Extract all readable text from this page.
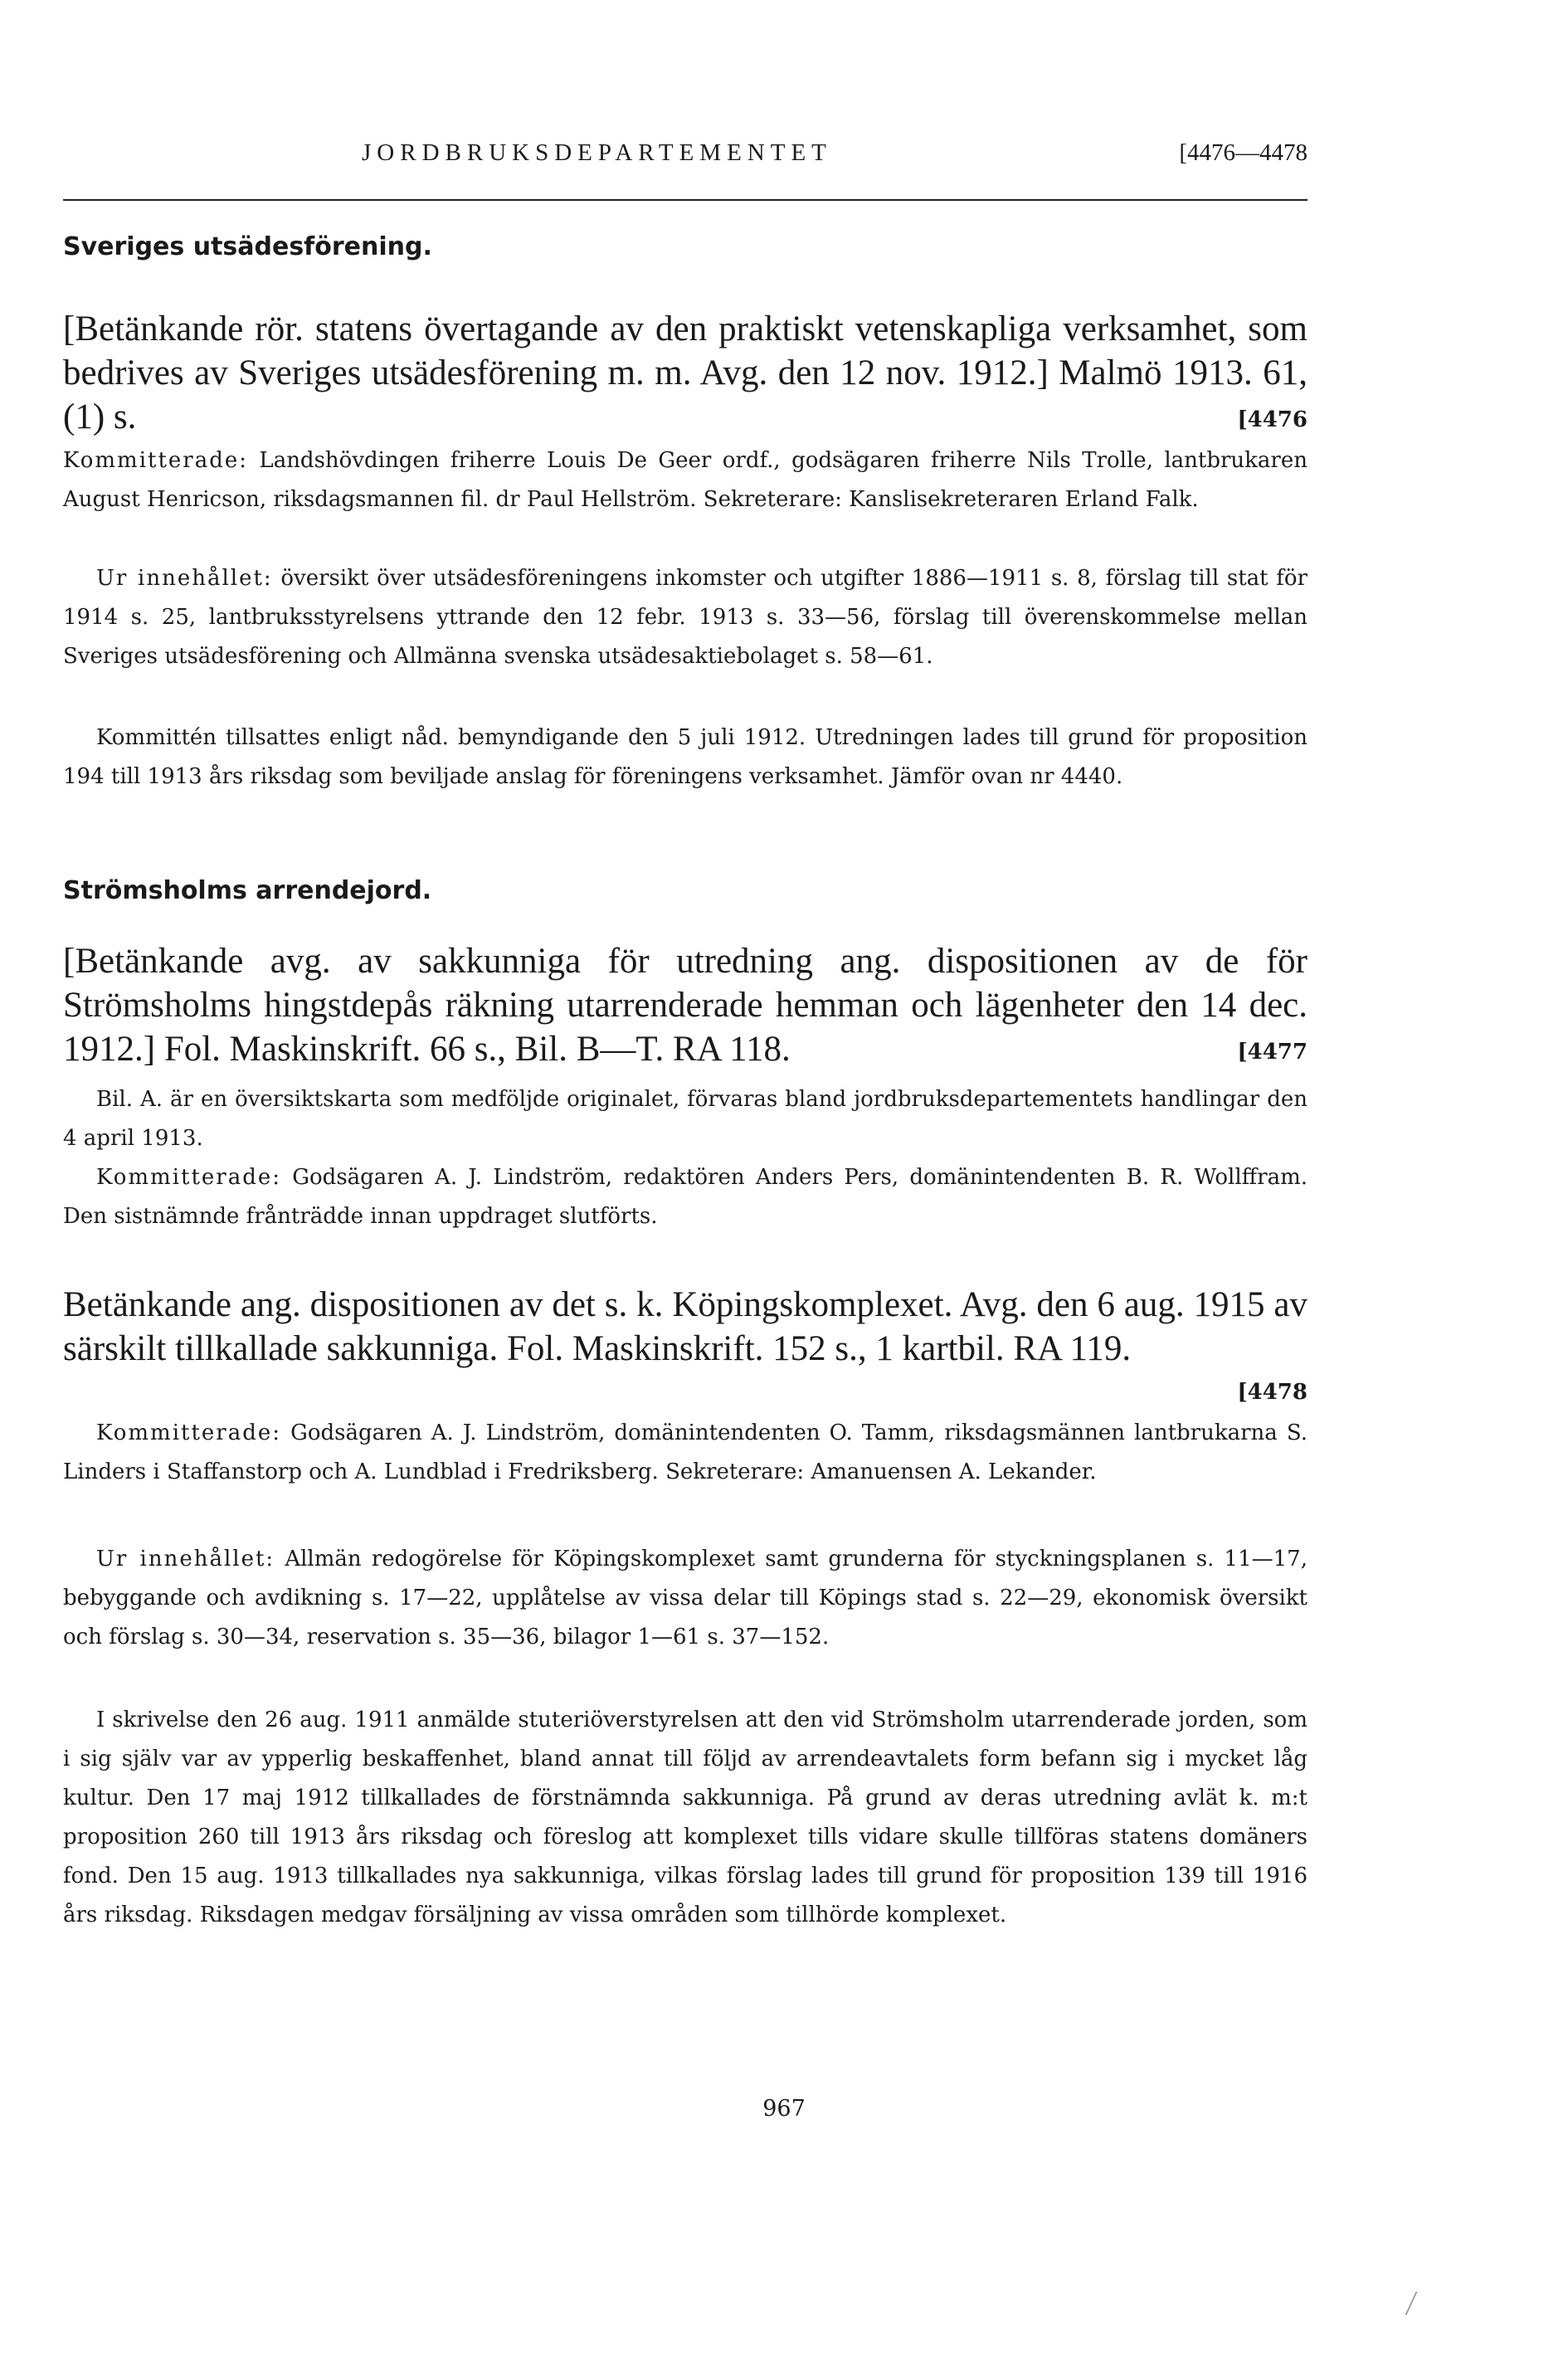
JORDBRUKSDEPARTEMENTET	[4476—4478
Sveriges utsädesförening.
[Betänkande rör. statens övertagande av den praktiskt vetenskapliga verksamhet, som bedrives av Sveriges utsädesförening m. m. Avg. den 12 nov. 1912.] Malmö 1913. 61, (1) s.	[4476
Kommitterade: Landshövdingen friherre Louis De Geer ordf., godsägaren friherre Nils Trolle, lantbrukaren August Henricson, riksdagsmannen fil. dr Paul Hellström. Sekreterare: Kanslisekreteraren Erland Falk.
Ur innehållet: översikt över utsädesföreningens inkomster och utgifter 1886—1911 s. 8, förslag till stat för 1914 s. 25, lantbruksstyrelsens yttrande den 12 febr. 1913 s. 33—56, förslag till överenskommelse mellan Sveriges utsädesförening och Allmänna svenska utsädesaktiebolaget s. 58—61.
Kommittén tillsattes enligt nåd. bemyndigande den 5 juli 1912. Utredningen lades till grund för proposition 194 till 1913 års riksdag som beviljade anslag för föreningens verksamhet. Jämför ovan nr 4440.
Strömsholms arrendejord.
[Betänkande avg. av sakkunniga för utredning ang. dispositionen av de för Strömsholms hingstdepås räkning utarrenderade hemman och lägenheter den 14 dec. 1912.] Fol. Maskinskrift. 66 s., Bil. B—T. RA 118.	[4477
Bil. A. är en översiktskarta som medföljde originalet, förvaras bland jordbruksdepartementets handlingar den 4 april 1913.
Kommitterade: Godsägaren A. J. Lindström, redaktören Anders Pers, domänintendenten B. R. Wollffram. Den sistnämnde frånträdde innan uppdraget slutförts.
Betänkande ang. dispositionen av det s. k. Köpingskomplexet. Avg. den 6 aug. 1915 av särskilt tillkallade sakkunniga. Fol. Maskinskrift. 152 s., 1 kartbil. RA 119.
[4478
Kommitterade: Godsägaren A. J. Lindström, domänintendenten O. Tamm, riksdagsmännen lantbrukarna S. Linders i Staffanstorp och A. Lundblad i Fredriksberg. Sekreterare: Amanuensen A. Lekander.
Ur innehållet: Allmän redogörelse för Köpingskomplexet samt grunderna för styckningsplanen s. 11—17, bebyggande och avdikning s. 17—22, upplåtelse av vissa delar till Köpings stad s. 22—29, ekonomisk översikt och förslag s. 30—34, reservation s. 35—36, bilagor 1—61 s. 37—152.
I skrivelse den 26 aug. 1911 anmälde stuteriöverstyrelsen att den vid Strömsholm utarrenderade jorden, som i sig själv var av ypperlig beskaffenhet, bland annat till följd av arrendeavtalets form befann sig i mycket låg kultur. Den 17 maj 1912 tillkallades de förstnämnda sakkunniga. På grund av deras utredning avlät k. m:t proposition 260 till 1913 års riksdag och föreslog att komplexet tills vidare skulle tillföras statens domäners fond. Den 15 aug. 1913 tillkallades nya sakkunniga, vilkas förslag lades till grund för proposition 139 till 1916 års riksdag. Riksdagen medgav försäljning av vissa områden som tillhörde komplexet.
967
